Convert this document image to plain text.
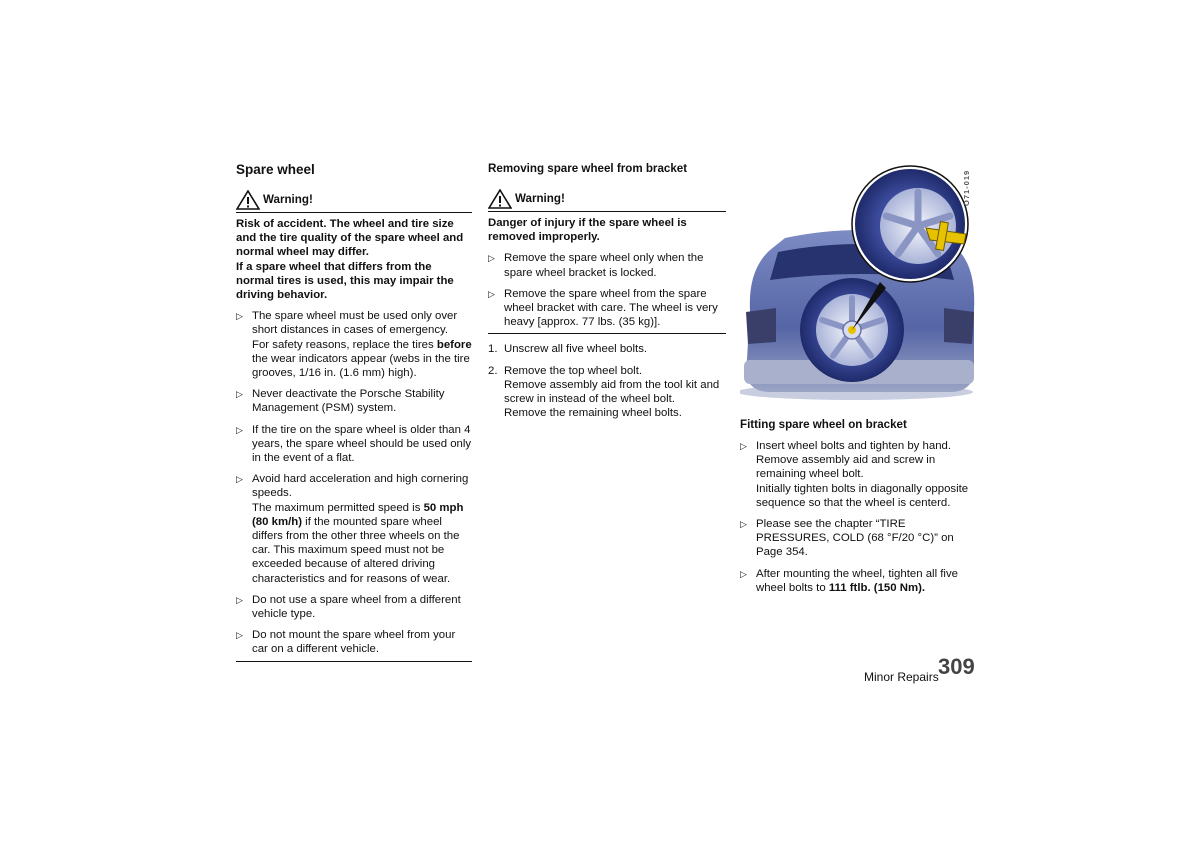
Spare wheel
Warning!
Risk of accident. The wheel and tire size and the tire quality of the spare wheel and normal wheel may differ.
If a spare wheel that differs from the normal tires is used, this may impair the driving behavior.
▷ The spare wheel must be used only over short distances in cases of emergency.
For safety reasons, replace the tires before the wear indicators appear (webs in the tire grooves, 1/16 in. (1.6 mm) high).
▷ Never deactivate the Porsche Stability Management (PSM) system.
▷ If the tire on the spare wheel is older than 4 years, the spare wheel should be used only in the event of a flat.
▷ Avoid hard acceleration and high cornering speeds.
The maximum permitted speed is 50 mph (80 km/h) if the mounted spare wheel differs from the other three wheels on the car. This maximum speed must not be exceeded because of altered driving characteristics and for reasons of wear.
▷ Do not use a spare wheel from a different vehicle type.
▷ Do not mount the spare wheel from your car on a different vehicle.
Removing spare wheel from bracket
Warning!
Danger of injury if the spare wheel is removed improperly.
▷ Remove the spare wheel only when the spare wheel bracket is locked.
▷ Remove the spare wheel from the spare wheel bracket with care. The wheel is very heavy [approx. 77 lbs. (35 kg)].
1. Unscrew all five wheel bolts.
2. Remove the top wheel bolt.
Remove assembly aid from the tool kit and screw in instead of the wheel bolt.
Remove the remaining wheel bolts.
O71-019
Fitting spare wheel on bracket
▷ Insert wheel bolts and tighten by hand.
Remove assembly aid and screw in remaining wheel bolt.
Initially tighten bolts in diagonally opposite sequence so that the wheel is centerd.
▷ Please see the chapter “TIRE PRESSURES, COLD (68 °F/20 °C)” on Page 354.
▷ After mounting the wheel, tighten all five wheel bolts to 111 ftlb. (150 Nm).
Minor Repairs 309
